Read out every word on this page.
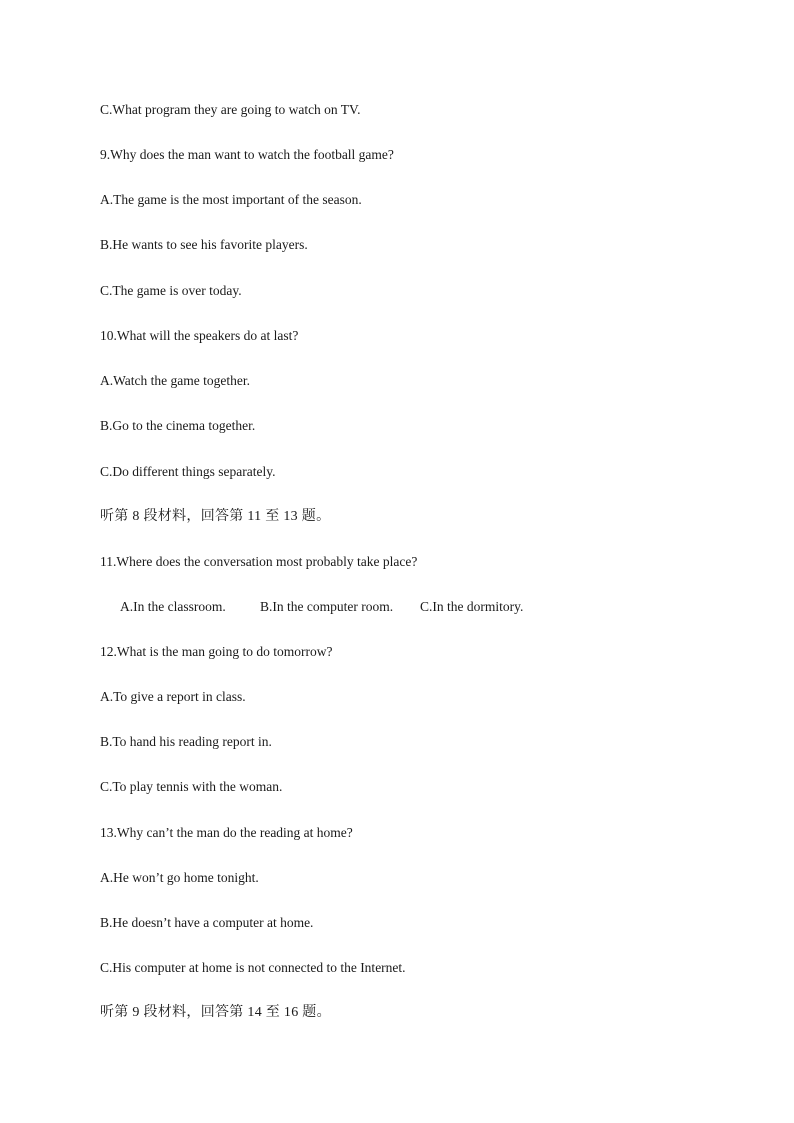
C.What program they are going to watch on TV.
9.Why does the man want to watch the football game?
A.The game is the most important of the season.
B.He wants to see his favorite players.
C.The game is over today.
10.What will the speakers do at last?
A.Watch the game together.
B.Go to the cinema together.
C.Do different things separately.
听第 8 段材料，回答第 11 至 13 题。
11.Where does the conversation most probably take place?
A.In the classroom.	B.In the computer room. C.In the dormitory.
12.What is the man going to do tomorrow?
A.To give a report in class.
B.To hand his reading report in.
C.To play tennis with the woman.
13.Why can’t the man do the reading at home?
A.He won’t go home tonight.
B.He doesn’t have a computer at home.
C.His computer at home is not connected to the Internet.
听第 9 段材料，回答第 14 至 16 题。
